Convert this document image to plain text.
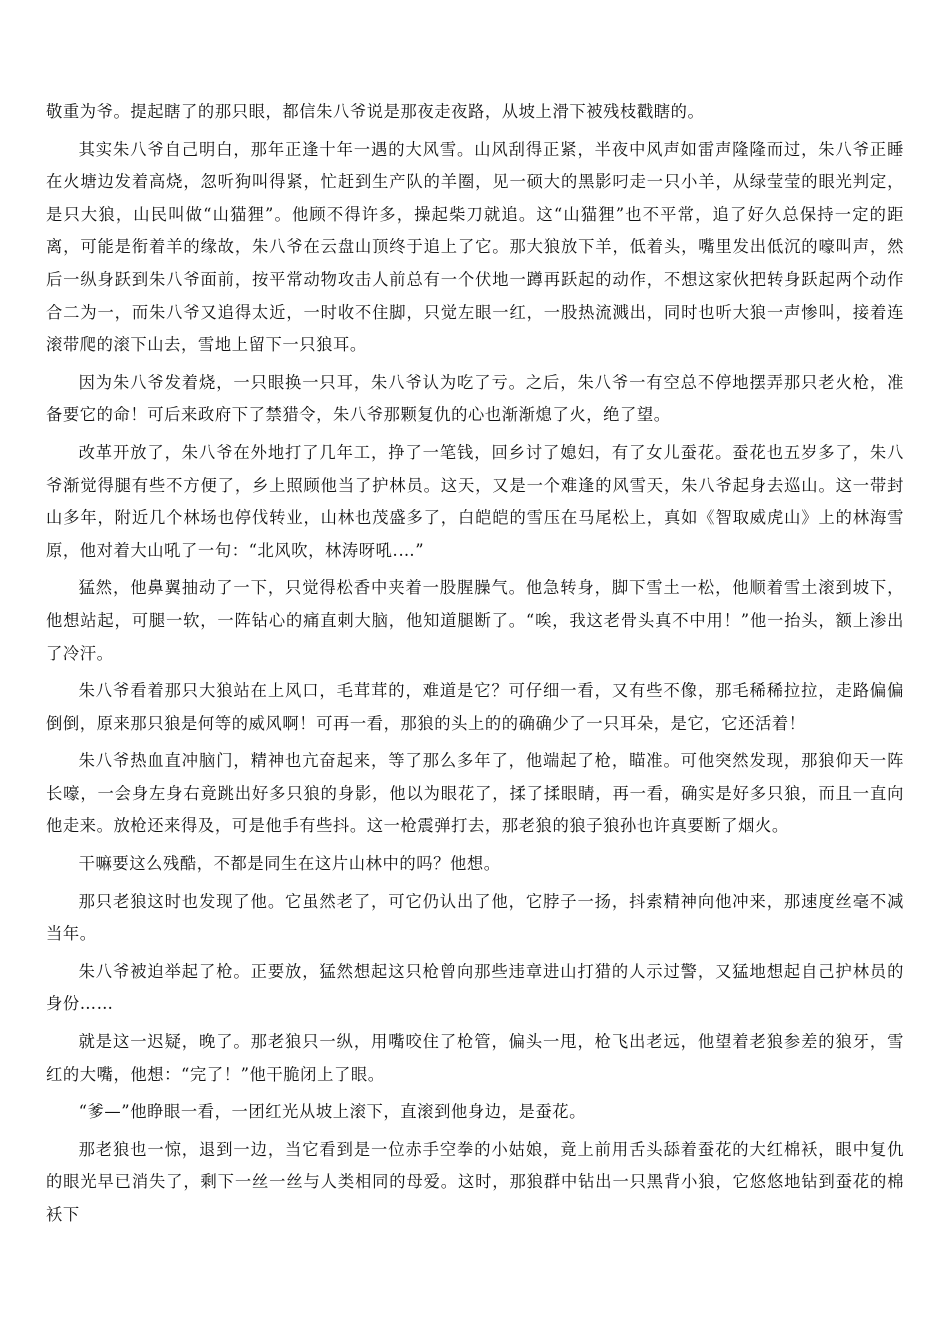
敬重为爷。提起瞎了的那只眼，都信朱八爷说是那夜走夜路，从坡上滑下被残枝戳瞎的。

其实朱八爷自己明白，那年正逢十年一遇的大风雪。山风刮得正紧，半夜中风声如雷声隆隆而过，朱八爷正睡在火塘边发着高烧，忽听狗叫得紧，忙赶到生产队的羊圈，见一硕大的黑影叼走一只小羊，从绿莹莹的眼光判定，是只大狼，山民叫做“山猫狸”。他顾不得许多，操起柴刀就追。这“山猫狸”也不平常，追了好久总保持一定的距离，可能是衔着羊的缘故，朱八爷在云盘山顶终于追上了它。那大狼放下羊，低着头，嘴里发出低沉的嚎叫声，然后一纵身跃到朱八爷面前，按平常动物攻击人前总有一个伏地一蹲再跃起的动作，不想这家伙把转身跃起两个动作合二为一，而朱八爷又追得太近，一时收不住脚，只觉左眼一红，一股热流溅出，同时也听大狼一声惨叫，接着连滚带爬的滚下山去，雪地上留下一只狼耳。

因为朱八爷发着烧，一只眼换一只耳，朱八爷认为吃了亏。之后，朱八爷一有空总不停地摆弄那只老火枪，准备要它的命！可后来政府下了禁猎令，朱八爷那颗复仇的心也渐渐熄了火，绝了望。

改革开放了，朱八爷在外地打了几年工，挣了一笔钱，回乡讨了媳妇，有了女儿蚕花。蚕花也五岁多了，朱八爷渐觉得腿有些不方便了，乡上照顾他当了护林员。这天，又是一个难逢的风雪天，朱八爷起身去巡山。这一带封山多年，附近几个林场也停伐转业，山林也茂盛多了，白皑皑的雪压在马尾松上，真如《智取威虎山》上的林海雪原，他对着大山吼了一句：“北风吹，林涛呀吼.…”

猛然，他鼻翼抽动了一下，只觉得松香中夹着一股腥臊气。他急转身，脚下雪土一松，他顺着雪土滚到坡下，他想站起，可腿一软，一阵钻心的痛直刺大脑，他知道腿断了。“唉，我这老骨头真不中用！”他一抬头，额上渗出了冷汗。

朱八爷看着那只大狼站在上风口，毛茸茸的，难道是它？可仔细一看，又有些不像，那毛稀稀拉拉，走路偏偏倒倒，原来那只狼是何等的威风啊！可再一看，那狼的头上的的确确少了一只耳朵，是它，它还活着！

朱八爷热血直冲脑门，精神也亢奋起来，等了那么多年了，他端起了枪，瞄准。可他突然发现，那狼仰天一阵长嚎，一会身左身右竟跳出好多只狼的身影，他以为眼花了，揉了揉眼睛，再一看，确实是好多只狼，而且一直向他走来。放枪还来得及，可是他手有些抖。这一枪震弹打去，那老狼的狼子狼孙也许真要断了烟火。

干嘛要这么残酷，不都是同生在这片山林中的吗？他想。

那只老狼这时也发现了他。它虽然老了，可它仍认出了他，它脖子一扬，抖索精神向他冲来，那速度丝毫不减当年。

朱八爷被迫举起了枪。正要放，猛然想起这只枪曾向那些违章进山打猎的人示过警，又猛地想起自己护林员的身份……

就是这一迟疑，晚了。那老狼只一纵，用嘴咬住了枪管，偏头一甩，枪飞出老远，他望着老狼参差的狼牙，雪红的大嘴，他想：“完了！”他干脆闭上了眼。

“爹—”他睁眼一看，一团红光从坡上滚下，直滚到他身边，是蚕花。

那老狼也一惊，退到一边，当它看到是一位赤手空拳的小姑娘，竟上前用舌头舔着蚕花的大红棉袄，眼中复仇的眼光早已消失了，剩下一丝一丝与人类相同的母爱。这时，那狼群中钻出一只黑背小狼，它悠悠地钻到蚕花的棉袄下
